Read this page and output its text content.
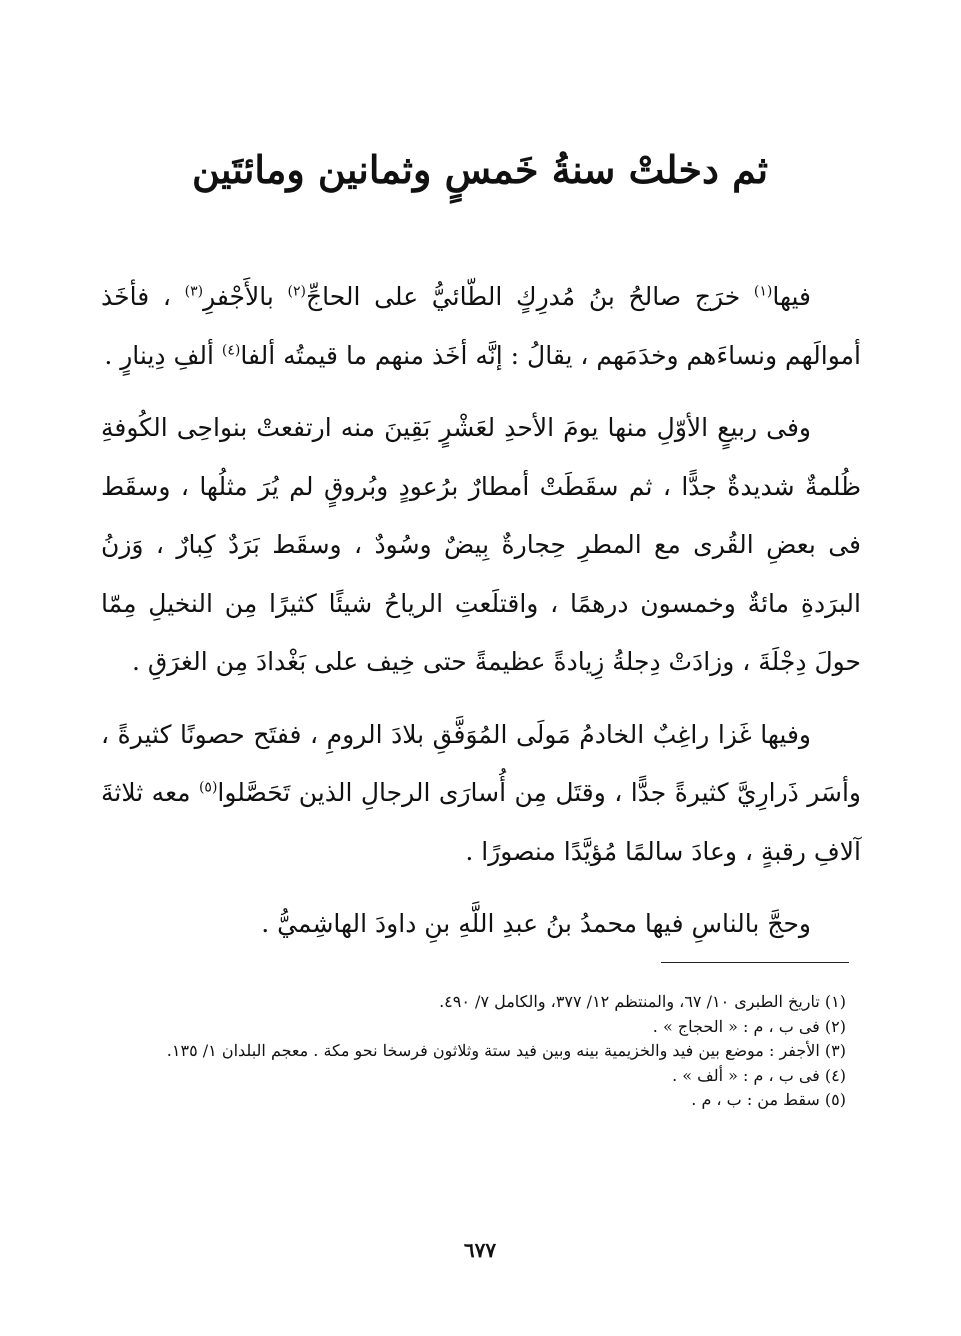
ثم دخلتْ سنةُ خَمسٍ وثمانين ومائتَين

فيها$^{(١)}$ خرَج صالحُ بنُ مُدرِكٍ الطّائيُّ على الحاجِّ$^{(٢)}$ بالأَجْفرِ$^{(٣)}$ ، فأخَذ أموالَهم ونساءَهم وخدَمَهم ، يقالُ : إنَّه أخَذ منهم ما قيمتُه ألفا$^{(٤)}$ ألفِ دِينارٍ .

وفى ربيعٍ الأوّلِ منها يومَ الأحدِ لعَشْرٍ بَقِينَ منه ارتفعتْ بنواحِى الكُوفةِ ظُلمةٌ شديدةٌ جدًّا ، ثم سقَطَتْ أمطارٌ برُعودٍ وبُروقٍ لم يُرَ مثلُها ، وسقَط فى بعضِ القُرى مع المطرِ حِجارةٌ بِيضٌ وسُودٌ ، وسقَط بَرَدٌ كِبارٌ ، وَزنُ البرَدةِ مائةٌ وخمسون درهمًا ، واقتلَعتِ الرياحُ شيئًا كثيرًا مِن النخيلِ مِمّا حولَ دِجْلَةَ ، وزادَتْ دِجلةُ زِيادةً عظيمةً حتى خِيف على بَغْدادَ مِن الغرَقِ .

وفيها غَزا راغِبٌ الخادمُ مَولَى المُوَفَّقِ بلادَ الرومِ ، ففتَح حصونًا كثيرةً ، وأسَر ذَرارِيَّ كثيرةً جدًّا ، وقتَل مِن أُسارَى الرجالِ الذين تَحَصَّلوا$^{(٥)}$ معه ثلاثةَ آلافِ رقبةٍ ، وعادَ سالمًا مُؤيَّدًا منصورًا .

وحجَّ بالناسِ فيها محمدُ بنُ عبدِ اللَّهِ بنِ داودَ الهاشِميُّ .

(١) تاريخ الطبرى ١٠/ ٦٧، والمنتظم ١٢/ ٣٧٧، والكامل ٧/ ٤٩٠.
(٢) فى ب ، م : « الحجاج » .
(٣) الأجفر : موضع بين فيد والخزيمية بينه وبين فيد ستة وثلاثون فرسخا نحو مكة . معجم البلدان ١/ ١٣٥.
(٤) فى ب ، م : « ألف » .
(٥) سقط من : ب ، م .
٦٧٧
